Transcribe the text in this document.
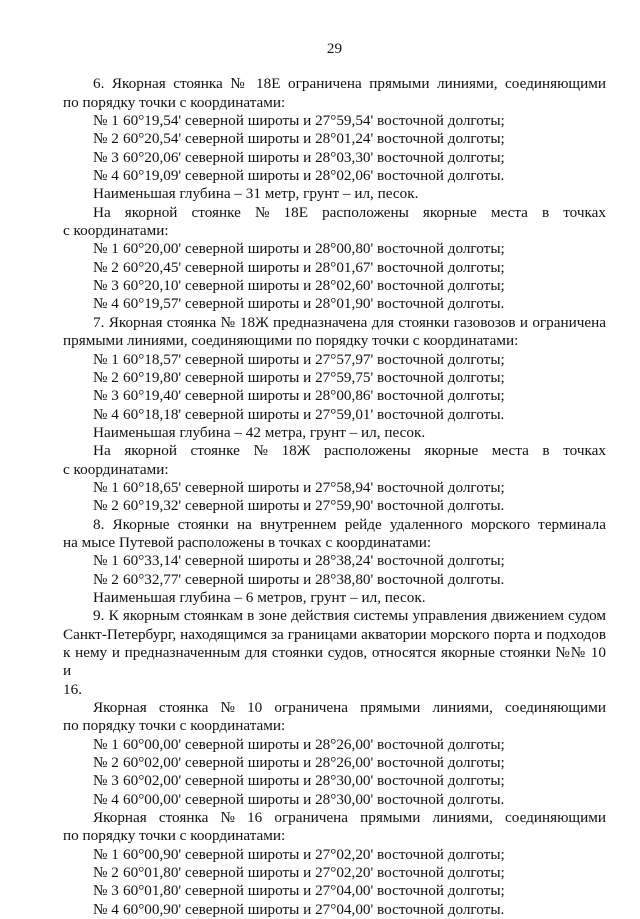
29
6. Якорная стоянка № 18Е ограничена прямыми линиями, соединяющими
по порядку точки с координатами:
№ 1 60°19,54' северной широты и 27°59,54' восточной долготы;
№ 2 60°20,54' северной широты и 28°01,24' восточной долготы;
№ 3 60°20,06' северной широты и 28°03,30' восточной долготы;
№ 4 60°19,09' северной широты и 28°02,06' восточной долготы.
Наименьшая глубина – 31 метр, грунт – ил, песок.
На якорной стоянке № 18Е расположены якорные места в точках
с координатами:
№ 1 60°20,00' северной широты и 28°00,80' восточной долготы;
№ 2 60°20,45' северной широты и 28°01,67' восточной долготы;
№ 3 60°20,10' северной широты и 28°02,60' восточной долготы;
№ 4 60°19,57' северной широты и 28°01,90' восточной долготы.
7. Якорная стоянка № 18Ж предназначена для стоянки газовозов и ограничена
прямыми линиями, соединяющими по порядку точки с координатами:
№ 1 60°18,57' северной широты и 27°57,97' восточной долготы;
№ 2 60°19,80' северной широты и 27°59,75' восточной долготы;
№ 3 60°19,40' северной широты и 28°00,86' восточной долготы;
№ 4 60°18,18' северной широты и 27°59,01' восточной долготы.
Наименьшая глубина – 42 метра, грунт – ил, песок.
На якорной стоянке № 18Ж расположены якорные места в точках
с координатами:
№ 1 60°18,65' северной широты и 27°58,94' восточной долготы;
№ 2 60°19,32' северной широты и 27°59,90' восточной долготы.
8. Якорные стоянки на внутреннем рейде удаленного морского терминала
на мысе Путевой расположены в точках с координатами:
№ 1 60°33,14' северной широты и 28°38,24' восточной долготы;
№ 2 60°32,77' северной широты и 28°38,80' восточной долготы.
Наименьшая глубина – 6 метров, грунт – ил, песок.
9. К якорным стоянкам в зоне действия системы управления движением судом
Санкт-Петербург, находящимся за границами акватории морского порта и подходов
к нему и предназначенным для стоянки судов, относятся якорные стоянки №№ 10 и
16.
Якорная стоянка № 10 ограничена прямыми линиями, соединяющими
по порядку точки с координатами:
№ 1 60°00,00' северной широты и 28°26,00' восточной долготы;
№ 2 60°02,00' северной широты и 28°26,00' восточной долготы;
№ 3 60°02,00' северной широты и 28°30,00' восточной долготы;
№ 4 60°00,00' северной широты и 28°30,00' восточной долготы.
Якорная стоянка № 16 ограничена прямыми линиями, соединяющими
по порядку точки с координатами:
№ 1 60°00,90' северной широты и 27°02,20' восточной долготы;
№ 2 60°01,80' северной широты и 27°02,20' восточной долготы;
№ 3 60°01,80' северной широты и 27°04,00' восточной долготы;
№ 4 60°00,90' северной широты и 27°04,00' восточной долготы.
